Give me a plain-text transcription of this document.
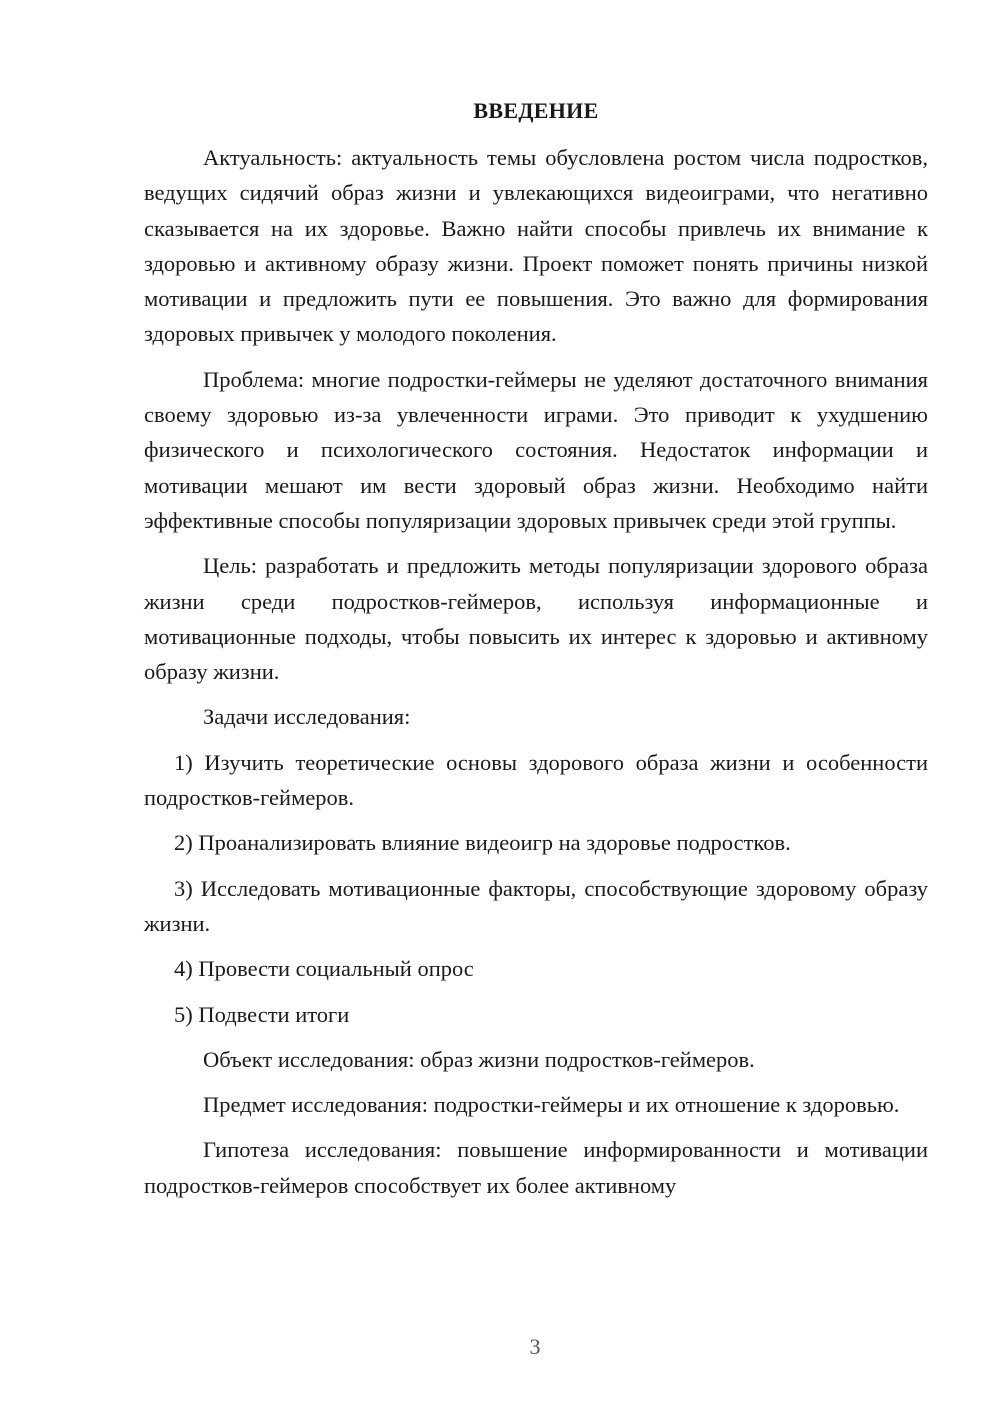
ВВЕДЕНИЕ

Актуальность: актуальность темы обусловлена ростом числа подростков, ведущих сидячий образ жизни и увлекающихся видеоиграми, что негативно сказывается на их здоровье. Важно найти способы привлечь их внимание к здоровью и активному образу жизни. Проект поможет понять причины низкой мотивации и предложить пути ее повышения. Это важно для формирования здоровых привычек у молодого поколения.

Проблема: многие подростки-геймеры не уделяют достаточного внимания своему здоровью из-за увлеченности играми. Это приводит к ухудшению физического и психологического состояния. Недостаток информации и мотивации мешают им вести здоровый образ жизни. Необходимо найти эффективные способы популяризации здоровых привычек среди этой группы.

Цель: разработать и предложить методы популяризации здорового образа жизни среди подростков-геймеров, используя информационные и мотивационные подходы, чтобы повысить их интерес к здоровью и активному образу жизни.

Задачи исследования:

1) Изучить теоретические основы здорового образа жизни и особенности подростков-геймеров.

2) Проанализировать влияние видеоигр на здоровье подростков.

3) Исследовать мотивационные факторы, способствующие здоровому образу жизни.

4) Провести социальный опрос

5) Подвести итоги

Объект исследования: образ жизни подростков-геймеров.

Предмет исследования: подростки-геймеры и их отношение к здоровью.

Гипотеза исследования: повышение информированности и мотивации подростков-геймеров способствует их более активному

3
